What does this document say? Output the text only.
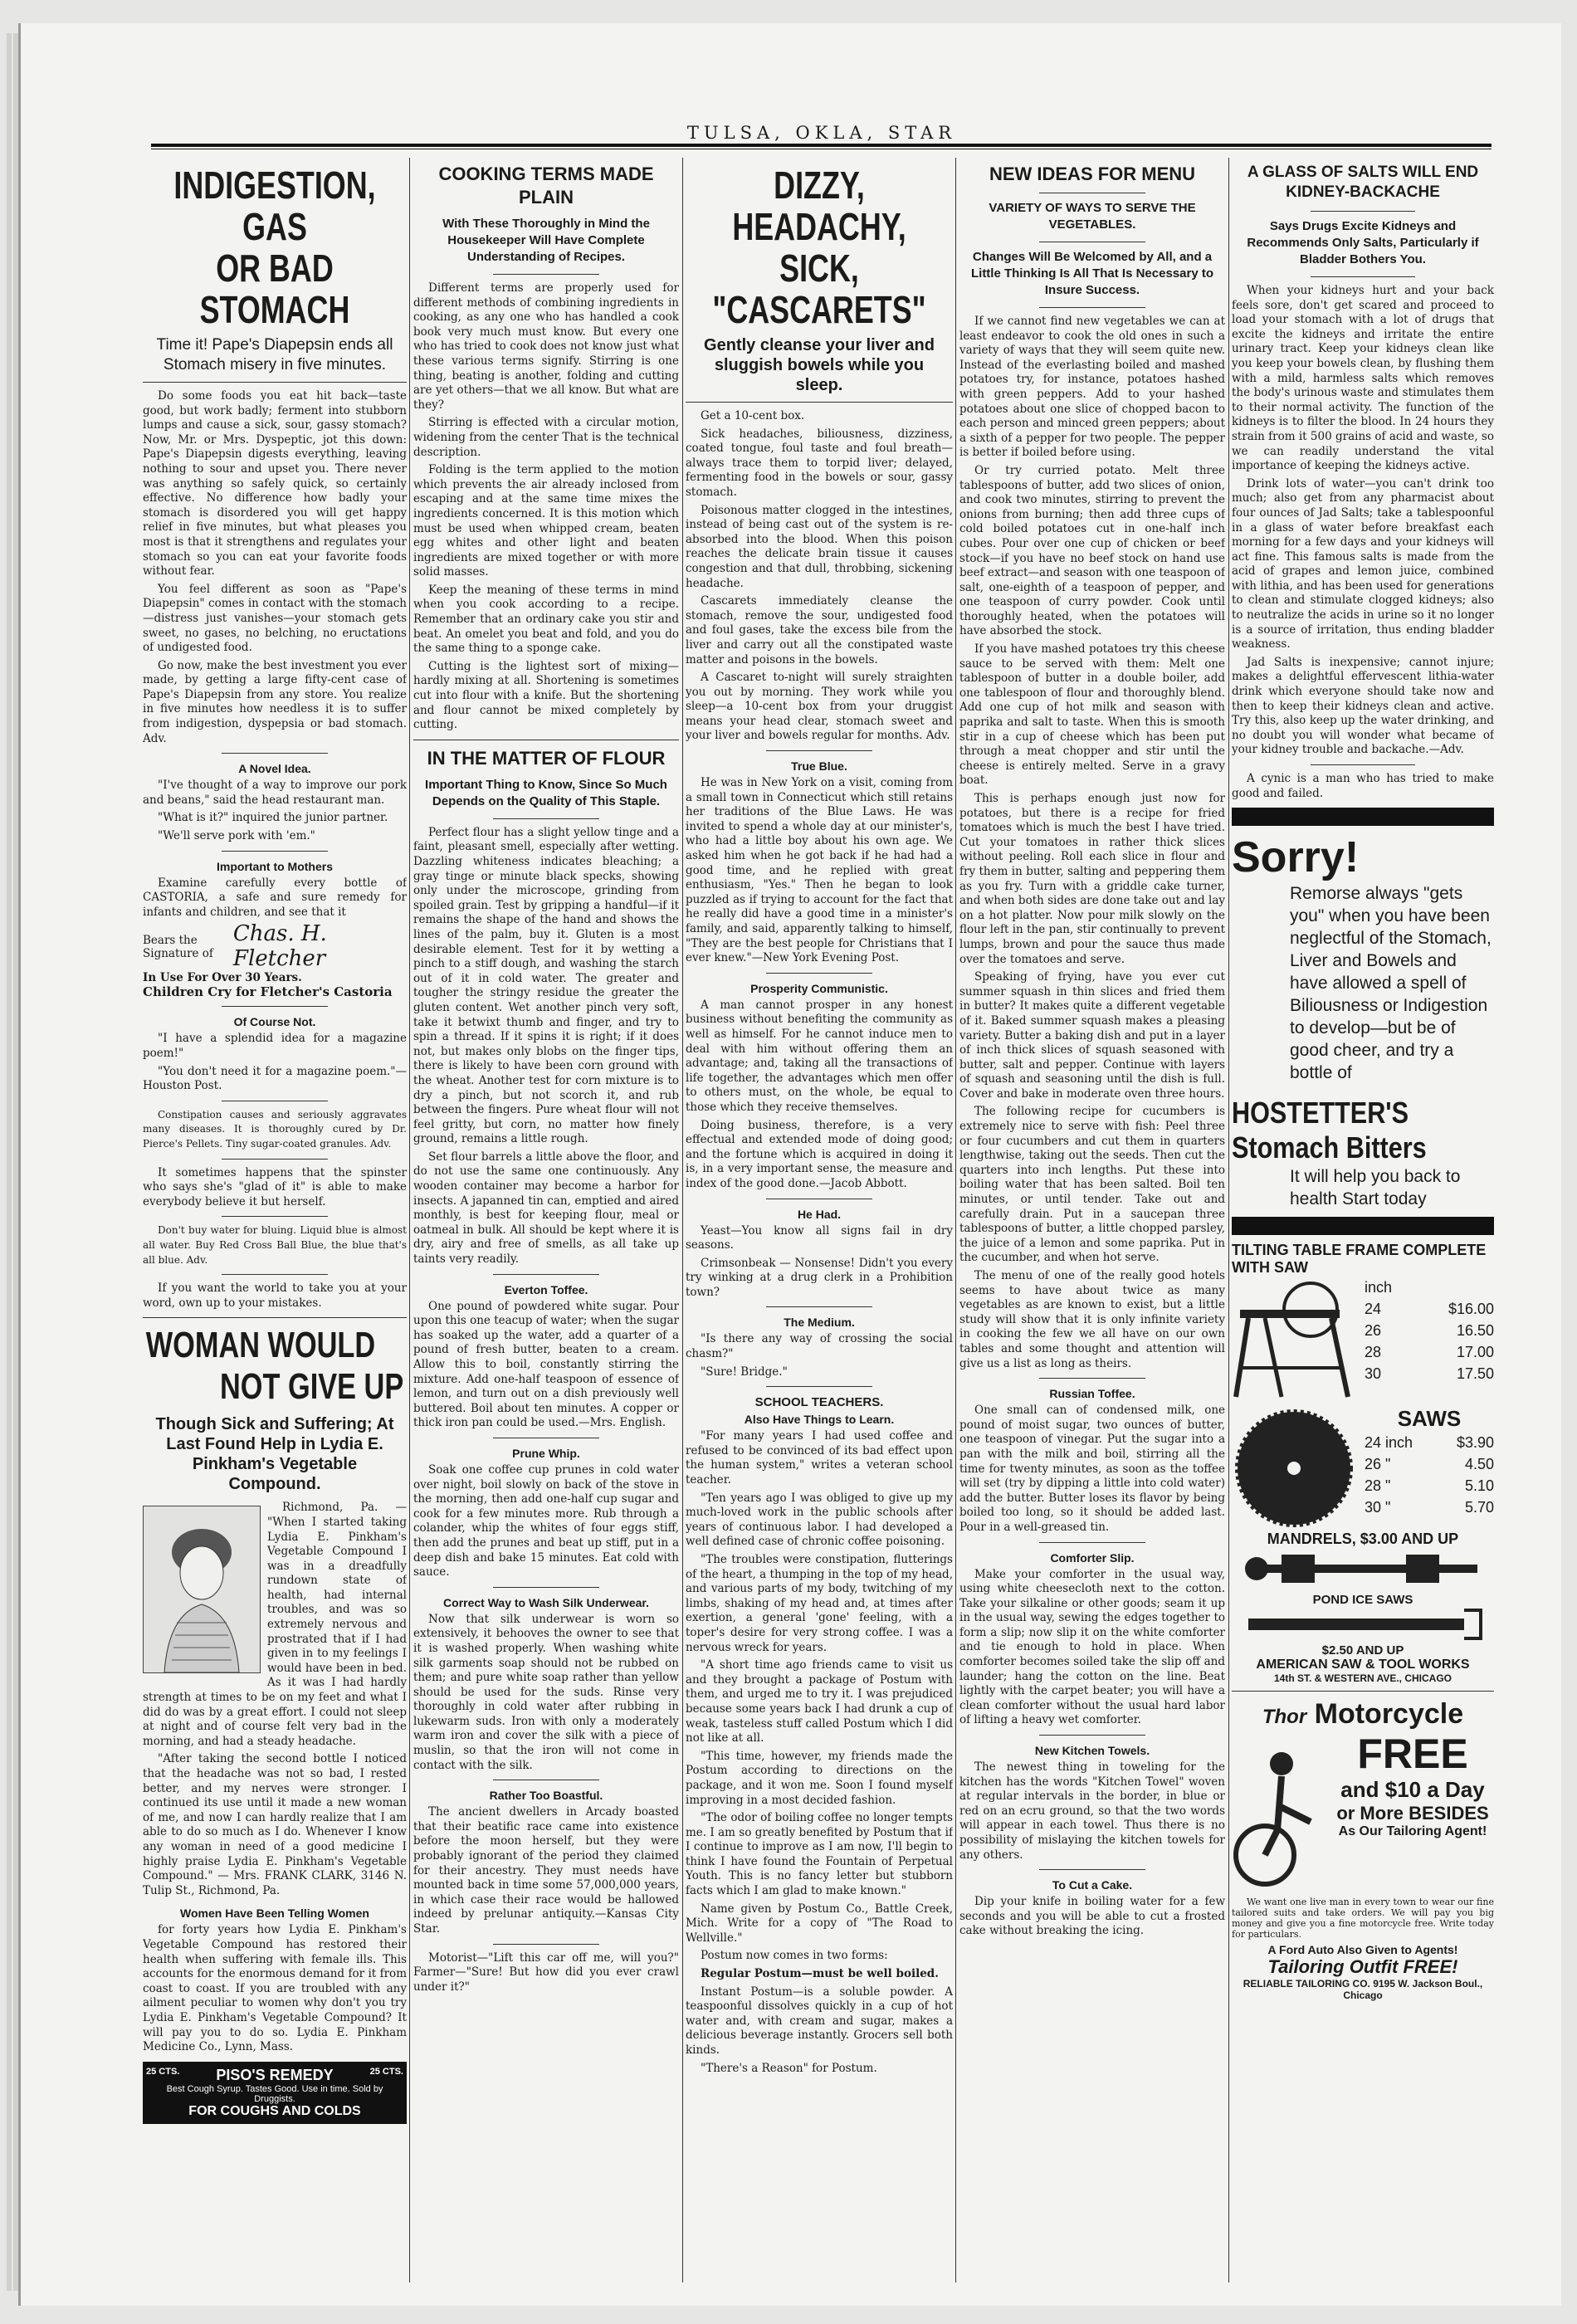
TULSA, OKLA, STAR
INDIGESTION, GAS
OR BAD STOMACH
Time it! Pape's Diapepsin ends all Stomach misery in five minutes.

Do some foods you eat hit back—taste good, but work badly; ferment into stubborn lumps and cause a sick, sour, gassy stomach? Now, Mr. or Mrs. Dyspeptic, jot this down: Pape's Diapepsin digests everything, leaving nothing to sour and upset you. There never was anything so safely quick, so certainly effective. No difference how badly your stomach is disordered you will get happy relief in five minutes, but what pleases you most is that it strengthens and regulates your stomach so you can eat your favorite foods without fear.

You feel different as soon as "Pape's Diapepsin" comes in contact with the stomach—distress just vanishes—your stomach gets sweet, no gases, no belching, no eructations of undigested food.

Go now, make the best investment you ever made, by getting a large fifty-cent case of Pape's Diapepsin from any store. You realize in five minutes how needless it is to suffer from indigestion, dyspepsia or bad stomach. Adv.

A Novel Idea.

"I've thought of a way to improve our pork and beans," said the head restaurant man.

"What is it?" inquired the junior partner.

"We'll serve pork with 'em."

Important to Mothers

Examine carefully every bottle of CASTORIA, a safe and sure remedy for infants and children, and see that it

Bears the Signature of
Chas. H. Fletcher
In Use For Over 30 Years.
Children Cry for Fletcher's Castoria
Of Course Not.

"I have a splendid idea for a magazine poem!"

"You don't need it for a magazine poem."—Houston Post.

Constipation causes and seriously aggravates many diseases. It is thoroughly cured by Dr. Pierce's Pellets. Tiny sugar-coated granules. Adv.

It sometimes happens that the spinster who says she's "glad of it" is able to make everybody believe it but herself.

Don't buy water for bluing. Liquid blue is almost all water. Buy Red Cross Ball Blue, the blue that's all blue. Adv.

If you want the world to take you at your word, own up to your mistakes.

WOMAN WOULD
NOT GIVE UP
Though Sick and Suffering; At Last Found Help in Lydia E. Pinkham's Vegetable Compound.

Richmond, Pa. — "When I started taking Lydia E. Pinkham's Vegetable Compound I was in a dreadfully rundown state of health, had internal troubles, and was so extremely nervous and prostrated that if I had given in to my feelings I would have been in bed. As it was I had hardly strength at times to be on my feet and what I did do was by a great effort. I could not sleep at night and of course felt very bad in the morning, and had a steady headache.

"After taking the second bottle I noticed that the headache was not so bad, I rested better, and my nerves were stronger. I continued its use until it made a new woman of me, and now I can hardly realize that I am able to do so much as I do. Whenever I know any woman in need of a good medicine I highly praise Lydia E. Pinkham's Vegetable Compound." — Mrs. FRANK CLARK, 3146 N. Tulip St., Richmond, Pa.

Women Have Been Telling Women

for forty years how Lydia E. Pinkham's Vegetable Compound has restored their health when suffering with female ills. This accounts for the enormous demand for it from coast to coast. If you are troubled with any ailment peculiar to women why don't you try Lydia E. Pinkham's Vegetable Compound? It will pay you to do so. Lydia E. Pinkham Medicine Co., Lynn, Mass.

25 CTS.	25 CTS.
PISO'S REMEDY
Best Cough Syrup. Tastes Good. Use in time. Sold by Druggists.
FOR COUGHS AND COLDS
COOKING TERMS MADE PLAIN
With These Thoroughly in Mind the Housekeeper Will Have Complete Understanding of Recipes.

Different terms are properly used for different methods of combining ingredients in cooking, as any one who has handled a cook book very much must know. But every one who has tried to cook does not know just what these various terms signify. Stirring is one thing, beating is another, folding and cutting are yet others—that we all know. But what are they?

Stirring is effected with a circular motion, widening from the center That is the technical description.

Folding is the term applied to the motion which prevents the air already inclosed from escaping and at the same time mixes the ingredients concerned. It is this motion which must be used when whipped cream, beaten egg whites and other light and beaten ingredients are mixed together or with more solid masses.

Keep the meaning of these terms in mind when you cook according to a recipe. Remember that an ordinary cake you stir and beat. An omelet you beat and fold, and you do the same thing to a sponge cake.

Cutting is the lightest sort of mixing—hardly mixing at all. Shortening is sometimes cut into flour with a knife. But the shortening and flour cannot be mixed completely by cutting.

IN THE MATTER OF FLOUR
Important Thing to Know, Since So Much Depends on the Quality of This Staple.

Perfect flour has a slight yellow tinge and a faint, pleasant smell, especially after wetting. Dazzling whiteness indicates bleaching; a gray tinge or minute black specks, showing only under the microscope, grinding from spoiled grain. Test by gripping a handful—if it remains the shape of the hand and shows the lines of the palm, buy it. Gluten is a most desirable element. Test for it by wetting a pinch to a stiff dough, and washing the starch out of it in cold water. The greater and tougher the stringy residue the greater the gluten content. Wet another pinch very soft, take it betwixt thumb and finger, and try to spin a thread. If it spins it is right; if it does not, but makes only blobs on the finger tips, there is likely to have been corn ground with the wheat. Another test for corn mixture is to dry a pinch, but not scorch it, and rub between the fingers. Pure wheat flour will not feel gritty, but corn, no matter how finely ground, remains a little rough.

Set flour barrels a little above the floor, and do not use the same one continuously. Any wooden container may become a harbor for insects. A japanned tin can, emptied and aired monthly, is best for keeping flour, meal or oatmeal in bulk. All should be kept where it is dry, airy and free of smells, as all take up taints very readily.

Everton Toffee.

One pound of powdered white sugar. Pour upon this one teacup of water; when the sugar has soaked up the water, add a quarter of a pound of fresh butter, beaten to a cream. Allow this to boil, constantly stirring the mixture. Add one-half teaspoon of essence of lemon, and turn out on a dish previously well buttered. Boil about ten minutes. A copper or thick iron pan could be used.—Mrs. English.

Prune Whip.

Soak one coffee cup prunes in cold water over night, boil slowly on back of the stove in the morning, then add one-half cup sugar and cook for a few minutes more. Rub through a colander, whip the whites of four eggs stiff, then add the prunes and beat up stiff, put in a deep dish and bake 15 minutes. Eat cold with sauce.

Correct Way to Wash Silk Underwear.

Now that silk underwear is worn so extensively, it behooves the owner to see that it is washed properly. When washing white silk garments soap should not be rubbed on them; and pure white soap rather than yellow should be used for the suds. Rinse very thoroughly in cold water after rubbing in lukewarm suds. Iron with only a moderately warm iron and cover the silk with a piece of muslin, so that the iron will not come in contact with the silk.

Rather Too Boastful.

The ancient dwellers in Arcady boasted that their beatific race came into existence before the moon herself, but they were probably ignorant of the period they claimed for their ancestry. They must needs have mounted back in time some 57,000,000 years, in which case their race would be hallowed indeed by prelunar antiquity.—Kansas City Star.

Motorist—"Lift this car off me, will you?" Farmer—"Sure! But how did you ever crawl under it?"

DIZZY, HEADACHY,
SICK, "CASCARETS"
Gently cleanse your liver and sluggish bowels while you sleep.

Get a 10-cent box.

Sick headaches, biliousness, dizziness, coated tongue, foul taste and foul breath—always trace them to torpid liver; delayed, fermenting food in the bowels or sour, gassy stomach.

Poisonous matter clogged in the intestines, instead of being cast out of the system is re-absorbed into the blood. When this poison reaches the delicate brain tissue it causes congestion and that dull, throbbing, sickening headache.

Cascarets immediately cleanse the stomach, remove the sour, undigested food and foul gases, take the excess bile from the liver and carry out all the constipated waste matter and poisons in the bowels.

A Cascaret to-night will surely straighten you out by morning. They work while you sleep—a 10-cent box from your druggist means your head clear, stomach sweet and your liver and bowels regular for months. Adv.

True Blue.

He was in New York on a visit, coming from a small town in Connecticut which still retains her traditions of the Blue Laws. He was invited to spend a whole day at our minister's, who had a little boy about his own age. We asked him when he got back if he had had a good time, and he replied with great enthusiasm, "Yes." Then he began to look puzzled as if trying to account for the fact that he really did have a good time in a minister's family, and said, apparently talking to himself, "They are the best people for Christians that I ever knew."—New York Evening Post.

Prosperity Communistic.

A man cannot prosper in any honest business without benefiting the community as well as himself. For he cannot induce men to deal with him without offering them an advantage; and, taking all the transactions of life together, the advantages which men offer to others must, on the whole, be equal to those which they receive themselves.

Doing business, therefore, is a very effectual and extended mode of doing good; and the fortune which is acquired in doing it is, in a very important sense, the measure and index of the good done.—Jacob Abbott.

He Had.

Yeast—You know all signs fail in dry seasons.

Crimsonbeak — Nonsense! Didn't you every try winking at a drug clerk in a Prohibition town?

The Medium.

"Is there any way of crossing the social chasm?"

"Sure! Bridge."

SCHOOL TEACHERS.
Also Have Things to Learn.

"For many years I had used coffee and refused to be convinced of its bad effect upon the human system," writes a veteran school teacher.

"Ten years ago I was obliged to give up my much-loved work in the public schools after years of continuous labor. I had developed a well defined case of chronic coffee poisoning.

"The troubles were constipation, flutterings of the heart, a thumping in the top of my head, and various parts of my body, twitching of my limbs, shaking of my head and, at times after exertion, a general 'gone' feeling, with a toper's desire for very strong coffee. I was a nervous wreck for years.

"A short time ago friends came to visit us and they brought a package of Postum with them, and urged me to try it. I was prejudiced because some years back I had drunk a cup of weak, tasteless stuff called Postum which I did not like at all.

"This time, however, my friends made the Postum according to directions on the package, and it won me. Soon I found myself improving in a most decided fashion.

"The odor of boiling coffee no longer tempts me. I am so greatly benefited by Postum that if I continue to improve as I am now, I'll begin to think I have found the Fountain of Perpetual Youth. This is no fancy letter but stubborn facts which I am glad to make known."

Name given by Postum Co., Battle Creek, Mich. Write for a copy of "The Road to Wellville."

Postum now comes in two forms:

Regular Postum—must be well boiled.

Instant Postum—is a soluble powder. A teaspoonful dissolves quickly in a cup of hot water and, with cream and sugar, makes a delicious beverage instantly. Grocers sell both kinds.

"There's a Reason" for Postum.

NEW IDEAS FOR MENU
VARIETY OF WAYS TO SERVE THE VEGETABLES.
Changes Will Be Welcomed by All, and a Little Thinking Is All That Is Necessary to Insure Success.

If we cannot find new vegetables we can at least endeavor to cook the old ones in such a variety of ways that they will seem quite new. Instead of the everlasting boiled and mashed potatoes try, for instance, potatoes hashed with green peppers. Add to your hashed potatoes about one slice of chopped bacon to each person and minced green peppers; about a sixth of a pepper for two people. The pepper is better if boiled before using.

Or try curried potato. Melt three tablespoons of butter, add two slices of onion, and cook two minutes, stirring to prevent the onions from burning; then add three cups of cold boiled potatoes cut in one-half inch cubes. Pour over one cup of chicken or beef stock—if you have no beef stock on hand use beef extract—and season with one teaspoon of salt, one-eighth of a teaspoon of pepper, and one teaspoon of curry powder. Cook until thoroughly heated, when the potatoes will have absorbed the stock.

If you have mashed potatoes try this cheese sauce to be served with them: Melt one tablespoon of butter in a double boiler, add one tablespoon of flour and thoroughly blend. Add one cup of hot milk and season with paprika and salt to taste. When this is smooth stir in a cup of cheese which has been put through a meat chopper and stir until the cheese is entirely melted. Serve in a gravy boat.

This is perhaps enough just now for potatoes, but there is a recipe for fried tomatoes which is much the best I have tried. Cut your tomatoes in rather thick slices without peeling. Roll each slice in flour and fry them in butter, salting and peppering them as you fry. Turn with a griddle cake turner, and when both sides are done take out and lay on a hot platter. Now pour milk slowly on the flour left in the pan, stir continually to prevent lumps, brown and pour the sauce thus made over the tomatoes and serve.

Speaking of frying, have you ever cut summer squash in thin slices and fried them in butter? It makes quite a different vegetable of it. Baked summer squash makes a pleasing variety. Butter a baking dish and put in a layer of inch thick slices of squash seasoned with butter, salt and pepper. Continue with layers of squash and seasoning until the dish is full. Cover and bake in moderate oven three hours.

The following recipe for cucumbers is extremely nice to serve with fish: Peel three or four cucumbers and cut them in quarters lengthwise, taking out the seeds. Then cut the quarters into inch lengths. Put these into boiling water that has been salted. Boil ten minutes, or until tender. Take out and carefully drain. Put in a saucepan three tablespoons of butter, a little chopped parsley, the juice of a lemon and some paprika. Put in the cucumber, and when hot serve.

The menu of one of the really good hotels seems to have about twice as many vegetables as are known to exist, but a little study will show that it is only infinite variety in cooking the few we all have on our own tables and some thought and attention will give us a list as long as theirs.

Russian Toffee.

One small can of condensed milk, one pound of moist sugar, two ounces of butter, one teaspoon of vinegar. Put the sugar into a pan with the milk and boil, stirring all the time for twenty minutes, as soon as the toffee will set (try by dipping a little into cold water) add the butter. Butter loses its flavor by being boiled too long, so it should be added last. Pour in a well-greased tin.

Comforter Slip.

Make your comforter in the usual way, using white cheesecloth next to the cotton. Take your silkaline or other goods; seam it up in the usual way, sewing the edges together to form a slip; now slip it on the white comforter and tie enough to hold in place. When comforter becomes soiled take the slip off and launder; hang the cotton on the line. Beat lightly with the carpet beater; you will have a clean comforter without the usual hard labor of lifting a heavy wet comforter.

New Kitchen Towels.

The newest thing in toweling for the kitchen has the words "Kitchen Towel" woven at regular intervals in the border, in blue or red on an ecru ground, so that the two words will appear in each towel. Thus there is no possibility of mislaying the kitchen towels for any others.

To Cut a Cake.

Dip your knife in boiling water for a few seconds and you will be able to cut a frosted cake without breaking the icing.

A GLASS OF SALTS WILL END KIDNEY-BACKACHE
Says Drugs Excite Kidneys and Recommends Only Salts, Particularly if Bladder Bothers You.

When your kidneys hurt and your back feels sore, don't get scared and proceed to load your stomach with a lot of drugs that excite the kidneys and irritate the entire urinary tract. Keep your kidneys clean like you keep your bowels clean, by flushing them with a mild, harmless salts which removes the body's urinous waste and stimulates them to their normal activity. The function of the kidneys is to filter the blood. In 24 hours they strain from it 500 grains of acid and waste, so we can readily understand the vital importance of keeping the kidneys active.

Drink lots of water—you can't drink too much; also get from any pharmacist about four ounces of Jad Salts; take a tablespoonful in a glass of water before breakfast each morning for a few days and your kidneys will act fine. This famous salts is made from the acid of grapes and lemon juice, combined with lithia, and has been used for generations to clean and stimulate clogged kidneys; also to neutralize the acids in urine so it no longer is a source of irritation, thus ending bladder weakness.

Jad Salts is inexpensive; cannot injure; makes a delightful effervescent lithia-water drink which everyone should take now and then to keep their kidneys clean and active. Try this, also keep up the water drinking, and no doubt you will wonder what became of your kidney trouble and backache.—Adv.

A cynic is a man who has tried to make good and failed.

Sorry!
Remorse always "gets you" when you have been neglectful of the Stomach, Liver and Bowels and have allowed a spell of Biliousness or Indigestion to develop—but be of good cheer, and try a bottle of
HOSTETTER'S
Stomach Bitters
It will help you back to health Start today
TILTING TABLE FRAME COMPLETE WITH SAW
inch
24	$16.00
26	16.50
28	17.00
30	17.50
SAWS
24 inch	$3.90
26 "	4.50
28 "	5.10
30 "	5.70
MANDRELS, $3.00 AND UP
POND ICE SAWS
$2.50 AND UP
AMERICAN SAW & TOOL WORKS
14th ST. & WESTERN AVE., CHICAGO
Thor Motorcycle
FREE
and $10 a Day
or More BESIDES
As Our Tailoring Agent!

We want one live man in every town to wear our fine tailored suits and take orders. We will pay you big money and give you a fine motorcycle free. Write today for particulars.

A Ford Auto Also Given to Agents!
Tailoring Outfit FREE!
RELIABLE TAILORING CO. 9195 W. Jackson Boul., Chicago
